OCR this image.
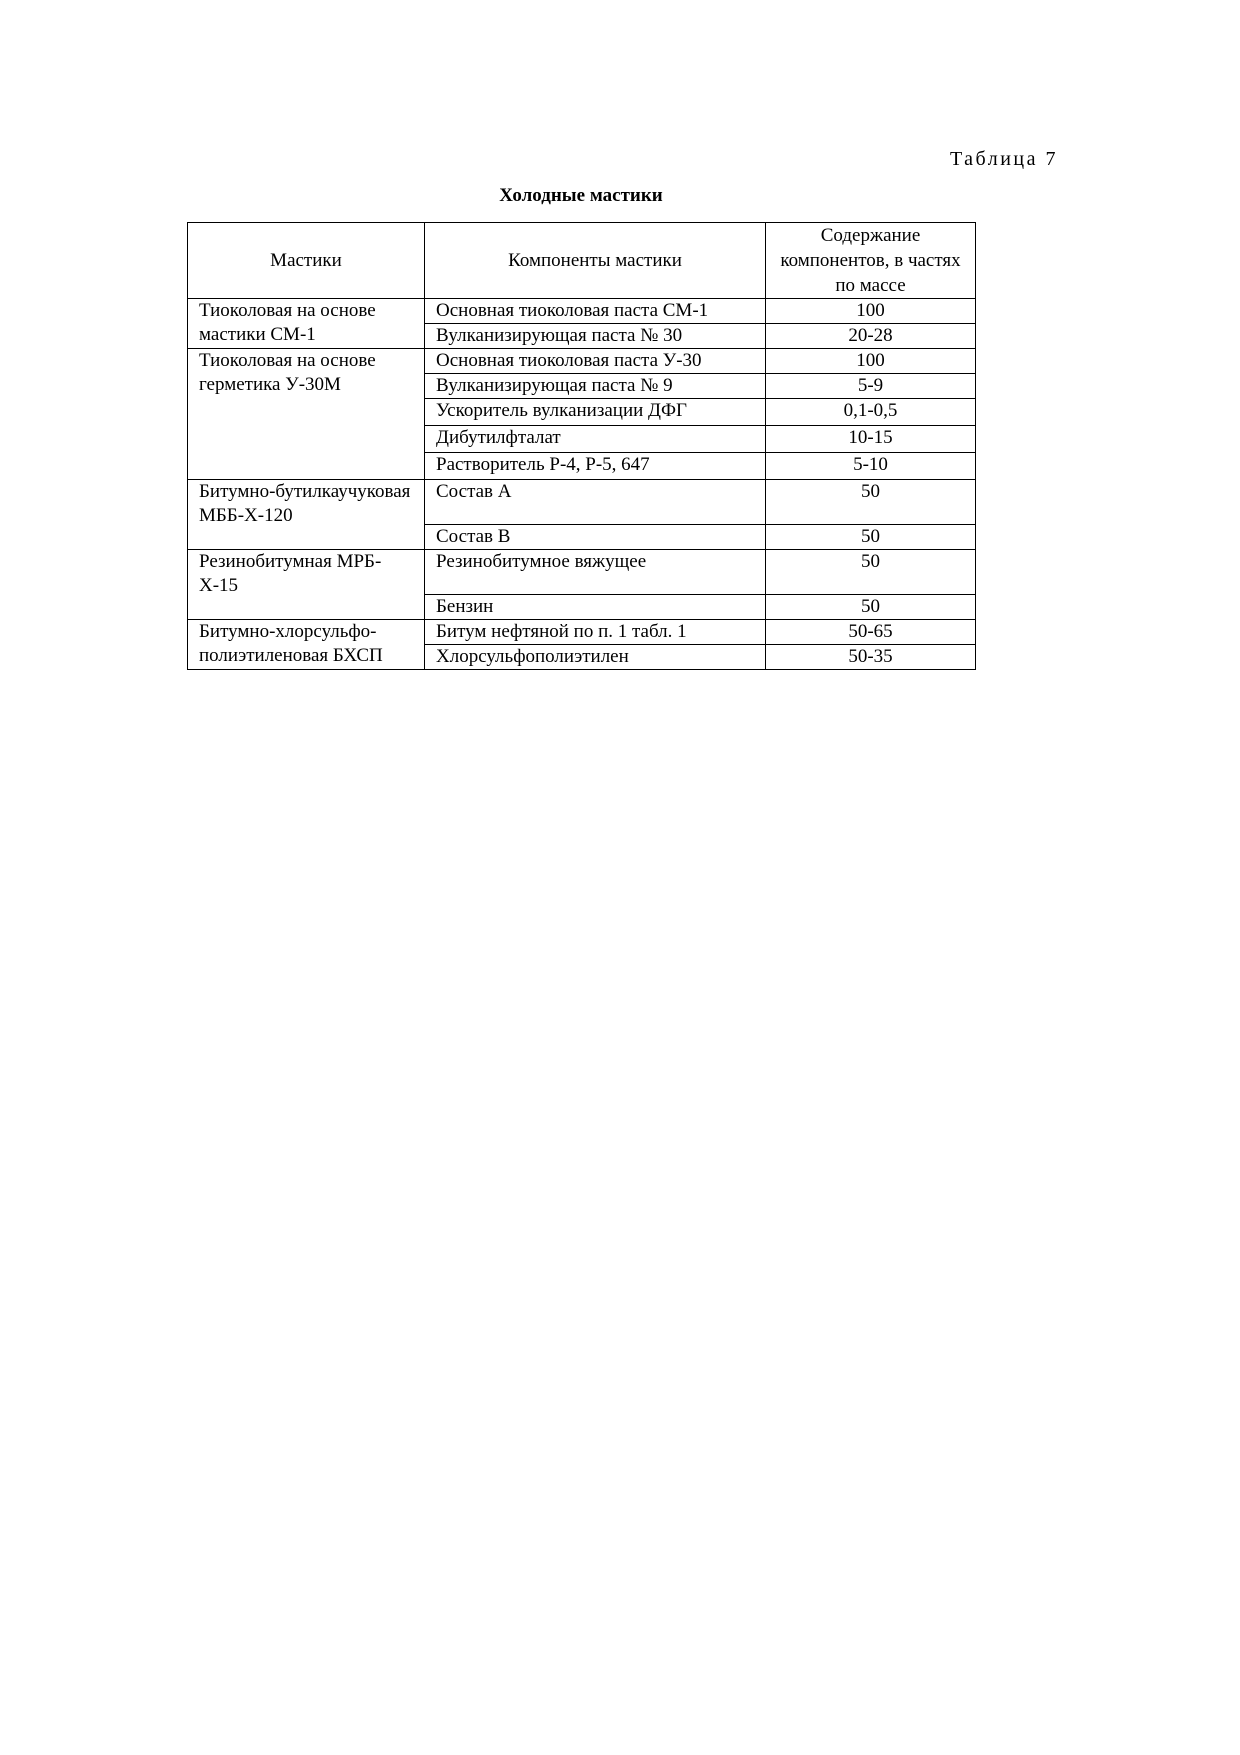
Таблица 7
Холодные мастики
Мастики	Компоненты мастики	Содержание компонентов, в частях по массе
Тиоколовая на основе мастики СМ-1	Основная тиоколовая паста СМ-1	100
	Вулканизирующая паста № 30	20-28
Тиоколовая на основе герметика У-30М	Основная тиоколовая паста У-30	100
	Вулканизирующая паста № 9	5-9
	Ускоритель вулканизации ДФГ	0,1-0,5
	Дибутилфталат	10-15
	Растворитель Р-4, Р-5, 647	5-10
Битумно-бутилкаучуковая МББ-Х-120	Состав А	50
	Состав В	50
Резинобитумная МРБ-Х-15	Резинобитумное вяжущее	50
	Бензин	50
Битумно-хлорсульфо-полиэтиленовая БХСП	Битум нефтяной по п. 1 табл. 1	50-65
	Хлорсульфополиэтилен	50-35
